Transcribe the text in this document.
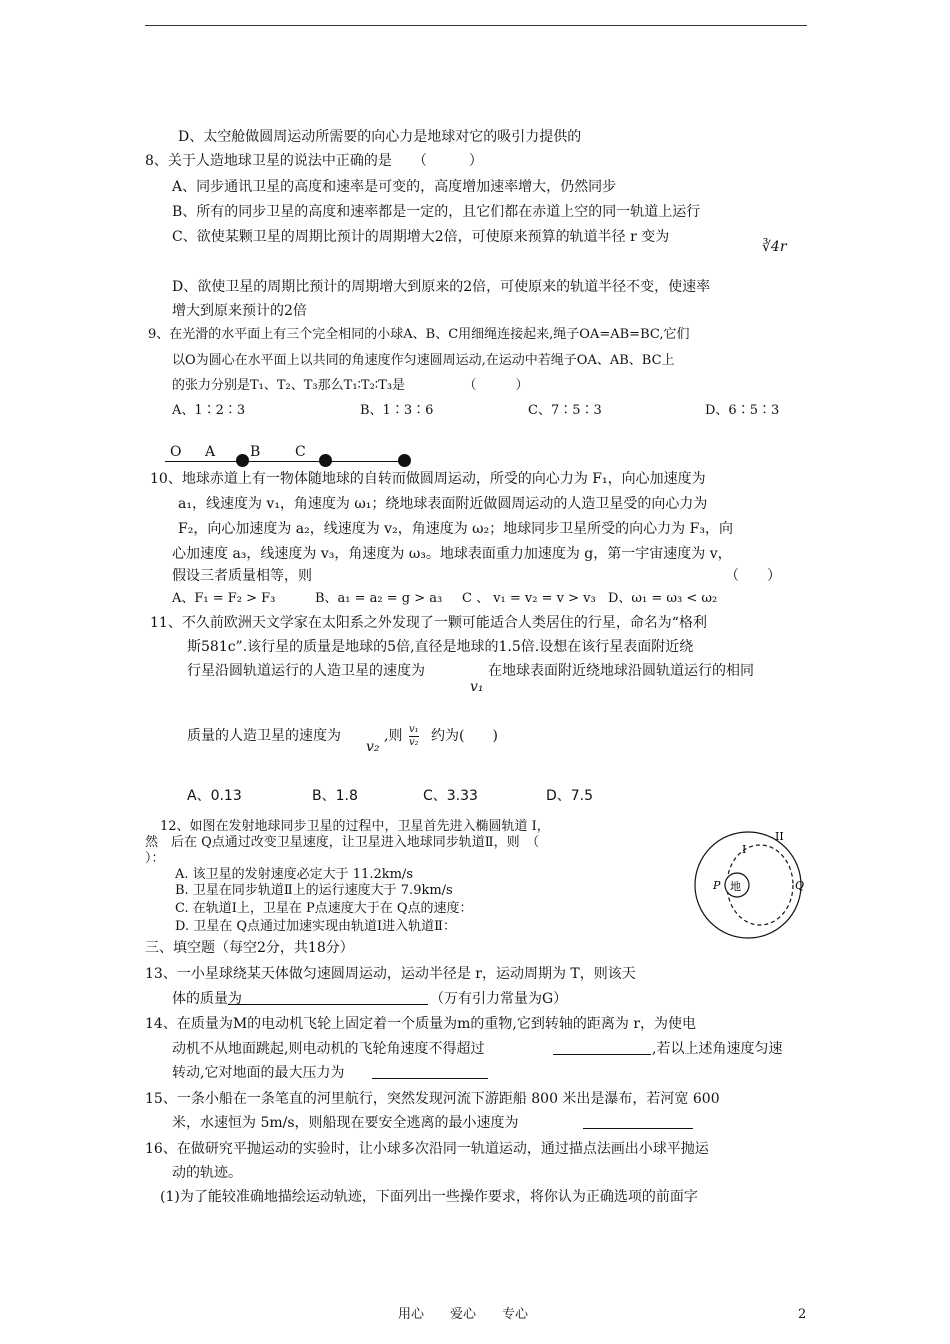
D、太空舱做圆周运动所需要的向心力是地球对它的吸引力提供的
8、关于人造地球卫星的说法中正确的是　　（　　　）
A、同步通讯卫星的高度和速率是可变的，高度增加速率增大，仍然同步
B、所有的同步卫星的高度和速率都是一定的，且它们都在赤道上空的同一轨道上运行
C、欲使某颗卫星的周期比预计的周期增大2倍，可使原来预算的轨道半径 r 变为
∛4r
D、欲使卫星的周期比预计的周期增大到原来的2倍，可使原来的轨道半径不变，使速率
增大到原来预计的2倍
9、在光滑的水平面上有三个完全相同的小球A、B、C用细绳连接起来,绳子OA=AB=BC,它们
以O为圆心在水平面上以共同的角速度作匀速圆周运动,在运动中若绳子OA、AB、BC上
的张力分别是T₁、T₂、T₃那么T₁∶T₂∶T₃是　　　　　（　　　）
A、1∶2∶3	B、1∶3∶6	C、7∶5∶3	D、6∶5∶3
O A B C
10、地球赤道上有一物体随地球的自转而做圆周运动，所受的向心力为 F₁，向心加速度为
a₁，线速度为 v₁，角速度为 ω₁；绕地球表面附近做圆周运动的人造卫星受的向心力为
F₂，向心加速度为 a₂，线速度为 v₂，角速度为 ω₂；地球同步卫星所受的向心力为 F₃，向
心加速度 a₃，线速度为 v₃，角速度为 ω₃。地球表面重力加速度为 g，第一宇宙速度为 v，
假设三者质量相等，则	（　　）
A、F₁ = F₂ > F₃	B、a₁ = a₂ = g > a₃ C 、 v₁ = v₂ = v > v₃ D、ω₁ = ω₃ < ω₂
11、不久前欧洲天文学家在太阳系之外发现了一颗可能适合人类居住的行星，命名为“格利
斯581c”.该行星的质量是地球的5倍,直径是地球的1.5倍.设想在该行星表面附近绕
行星沿圆轨道运行的人造卫星的速度为
v₁
在地球表面附近绕地球沿圆轨道运行的相同
质量的人造卫星的速度为
v₂
,则 $\frac{\text{v₁}}{\text{v₂}}$ 约为(　　)
A、0.13	B、1.8	C、3.33	D、7.5
12、如图在发射地球同步卫星的过程中，卫星首先进入椭圆轨道 I，
然　后在 Q点通过改变卫星速度，让卫星进入地球同步轨道Ⅱ，则　（
）：
A. 该卫星的发射速度必定大于 11.2km/s
B. 卫星在同步轨道Ⅱ上的运行速度大于 7.9km/s
C. 在轨道Ⅰ上，卫星在 P点速度大于在 Q点的速度：
D. 卫星在 Q点通过加速实现由轨道Ⅰ进入轨道Ⅱ：
地
P	Q
I
II
三、填空题（每空2分，共18分）
13、一小星球绕某天体做匀速圆周运动，运动半径是 r，运动周期为 T，则该天
体的质量为	（万有引力常量为G）
14、在质量为M的电动机飞轮上固定着一个质量为m的重物,它到转轴的距离为 r，为使电
动机不从地面跳起,则电动机的飞轮角速度不得超过	,若以上述角速度匀速
转动,它对地面的最大压力为
15、一条小船在一条笔直的河里航行，突然发现河流下游距船 800 米出是瀑布，若河宽 600
米，水速恒为 5m/s，则船现在要安全逃离的最小速度为
16、在做研究平抛运动的实验时，让小球多次沿同一轨道运动，通过描点法画出小球平抛运
动的轨迹。
(1)为了能较准确地描绘运动轨迹，下面列出一些操作要求，将你认为正确选项的前面字
用心　　爱心　　专心	2
